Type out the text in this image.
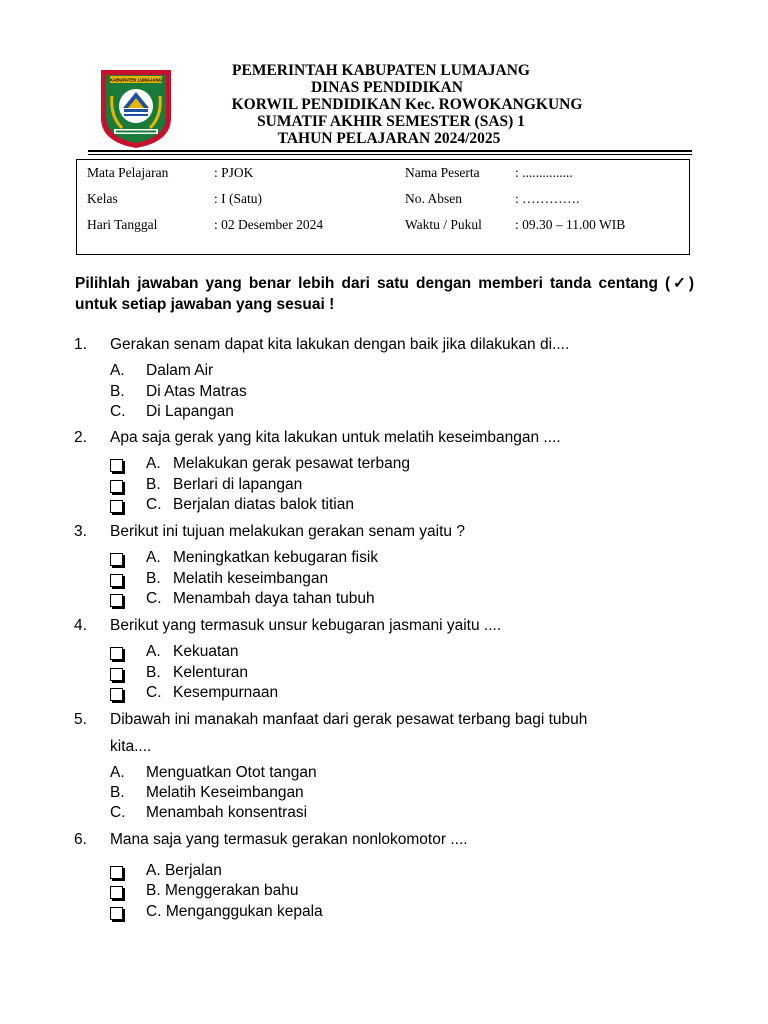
KABUPATEN LUMAJANG
PEMERINTAH KABUPATEN LUMAJANG
DINAS PENDIDIKAN
KORWIL PENDIDIKAN Kec. ROWOKANGKUNG
SUMATIF AKHIR SEMESTER (SAS) 1
TAHUN PELAJARAN 2024/2025
Mata Pelajaran	: PJOK	Nama Peserta	: ...............
Kelas	: I (Satu)	No. Absen	: ………….
Hari Tanggal	: 02 Desember 2024	Waktu / Pukul : 09.30 – 11.00 WIB
Pilihlah jawaban yang benar lebih dari satu dengan memberi tanda centang (✓) untuk setiap jawaban yang sesuai !
1. Gerakan senam dapat kita lakukan dengan baik jika dilakukan di....
A. Dalam Air
B. Di Atas Matras
C. Di Lapangan
2. Apa saja gerak yang kita lakukan untuk melatih keseimbangan ....
A. Melakukan gerak pesawat terbang
B. Berlari di lapangan
C. Berjalan diatas balok titian
3. Berikut ini tujuan melakukan gerakan senam yaitu ?
A. Meningkatkan kebugaran fisik
B. Melatih keseimbangan
C. Menambah daya tahan tubuh
4. Berikut yang termasuk unsur kebugaran jasmani yaitu ....
A. Kekuatan
B. Kelenturan
C. Kesempurnaan
5. Dibawah ini manakah manfaat dari gerak pesawat terbang bagi tubuh
kita....
A. Menguatkan Otot tangan
B. Melatih Keseimbangan
C. Menambah konsentrasi
6. Mana saja yang termasuk gerakan nonlokomotor ....
A. Berjalan
B. Menggerakan bahu
C. Menganggukan kepala
